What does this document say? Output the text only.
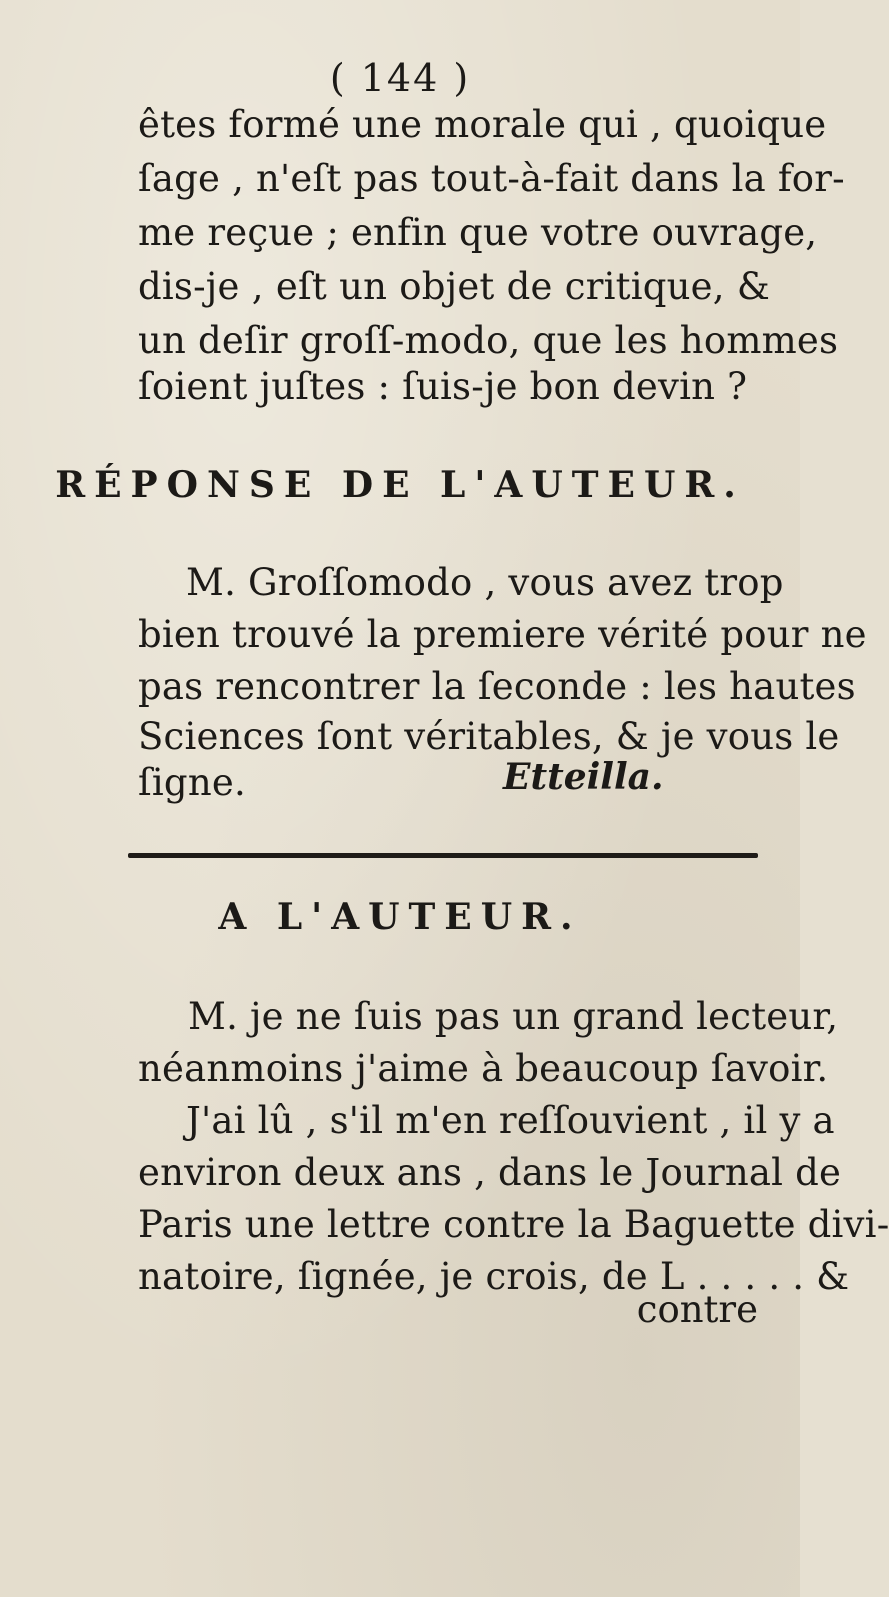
( 144 )
êtes formé une morale qui , quoique
ſage , n'eſt pas tout-à-fait dans la for-
me reçue ; enfin que votre ouvrage,
dis-je , eſt un objet de critique, &
un deſir groſſ-modo, que les hommes
ſoient juſtes : ſuis-je bon devin ?
RÉPONSE DE L'AUTEUR.
M. Groſſomodo , vous avez trop
bien trouvé la premiere vérité pour ne
pas rencontrer la ſeconde : les hautes
Sciences ſont véritables, & je vous le
ſigne.	Etteilla.
A L'AUTEUR.
M. je ne ſuis pas un grand lecteur,
néanmoins j'aime à beaucoup ſavoir.
J'ai lû , s'il m'en reſſouvient , il y a
environ deux ans , dans le Journal de
Paris une lettre contre la Baguette divi-
natoire, ſignée, je crois, de L . . . . . &
contre
